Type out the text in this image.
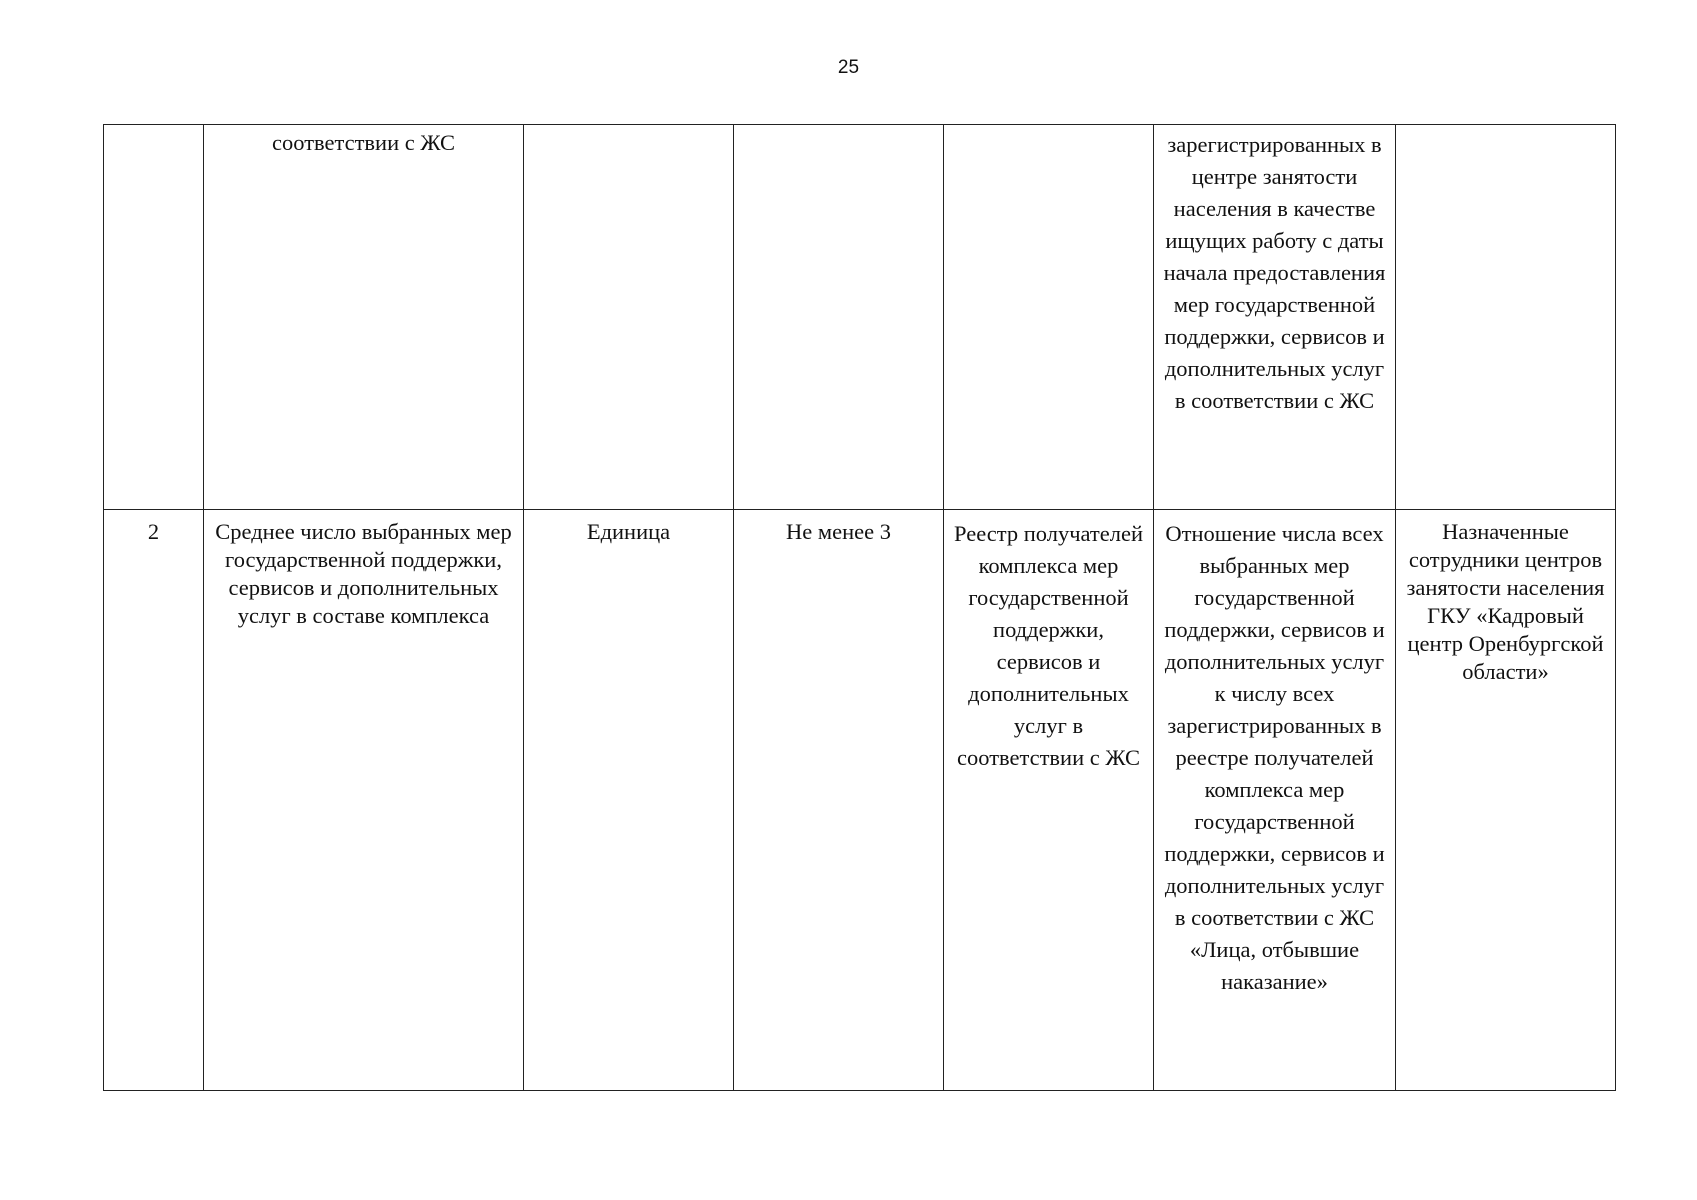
25
	соответствии с ЖС				зарегистрированных в центре занятости населения в качестве ищущих работу с даты начала предоставления мер государственной поддержки, сервисов и дополнительных услуг в соответствии с ЖС	
2	Среднее число выбранных мер государственной поддержки, сервисов и дополнительных услуг в составе комплекса	Единица	Не менее 3	Реестр получателей комплекса мер государственной поддержки, сервисов и дополнительных услуг в соответствии с ЖС	Отношение числа всех выбранных мер государственной поддержки, сервисов и дополнительных услуг к числу всех зарегистрированных в реестре получателей комплекса мер государственной поддержки, сервисов и дополнительных услуг в соответствии с ЖС «Лица, отбывшие наказание»	Назначенные сотрудники центров занятости населения ГКУ «Кадровый центр Оренбургской области»
